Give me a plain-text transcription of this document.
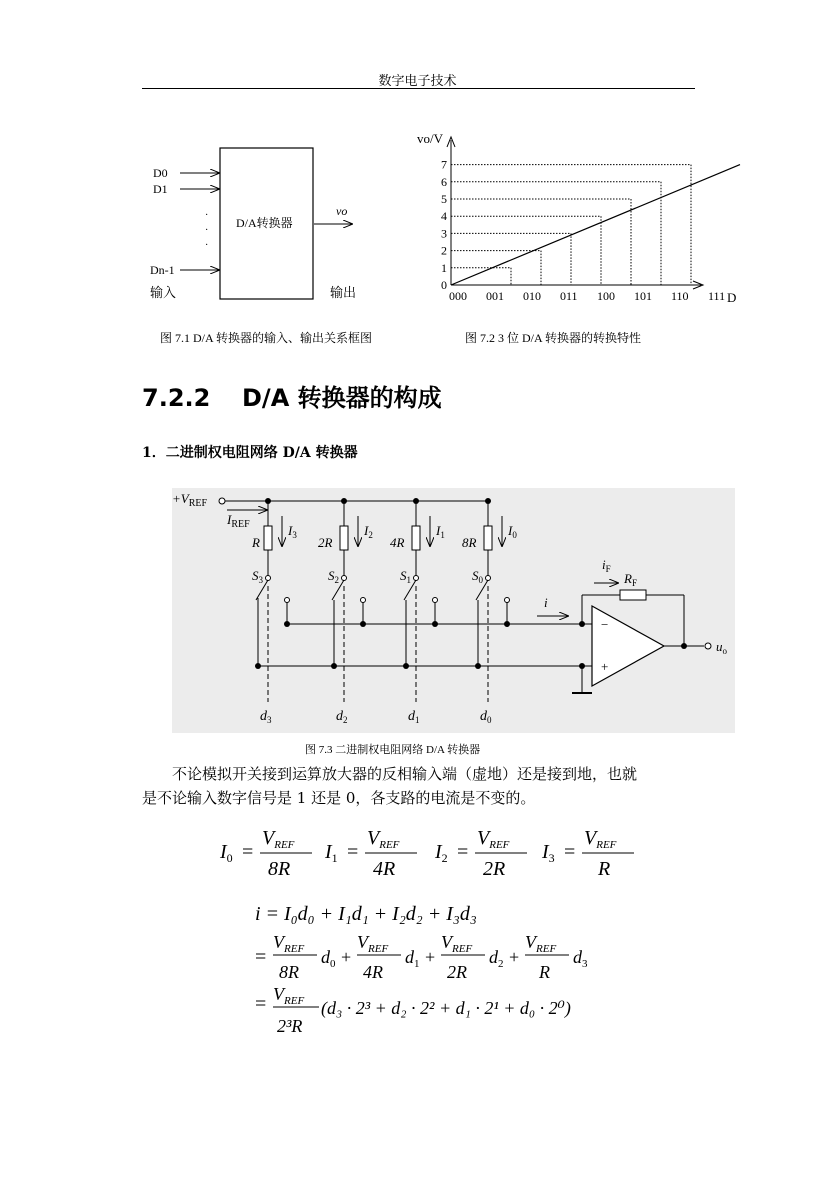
数字电子技术
·
·
·
D0
D1
Dn-1
D/A转换器
vo
输入	输出
vo/V
D
0
1
2
3
4
5
6
7
000 001 010 011 100 101 110 111
图 7.1 D/A 转换器的输入、输出关系框图	图 7.2 3 位 D/A 转换器的转换特性
7.2.2 D/A 转换器的构成
1．二进制权电阻网络 D/A 转换器
$+V_{REF}$
$I_{REF}$
R
$I_3$
$S_3$
$d_3$
2R
$I_2$
$S_2$
$d_2$
4R
$I_1$
$S_1$
$d_1$
8R
$I_0$
$S_0$
$d_0$
−
+
$u_o$
$R_F$
$i_F$
i
图 7.3 二进制权电阻网络 D/A 转换器
不论模拟开关接到运算放大器的反相输入端（虚地）还是接到地，也就
是不论输入数字信号是 1 还是 0，各支路的电流是不变的。
$I_0$ =
$V_{REF}$
8R
$I_1$ =
$V_{REF}$
4R
$I_2$ =
$V_{REF}$
2R
$I_3$ =
$V_{REF}$
R
i = I₀d₀ + I₁d₁ + I₂d₂ + I₃d₃
=
$V_{REF}$
8R
$d_0$ +
$V_{REF}$
4R
$d_1$ +
$V_{REF}$
2R
$d_2$ +
$V_{REF}$
R
$d_3$
= $V_{REF}$
2³R
(d₃ · 2³ + d₂ · 2² + d₁ · 2¹ + d₀ · 2⁰)
